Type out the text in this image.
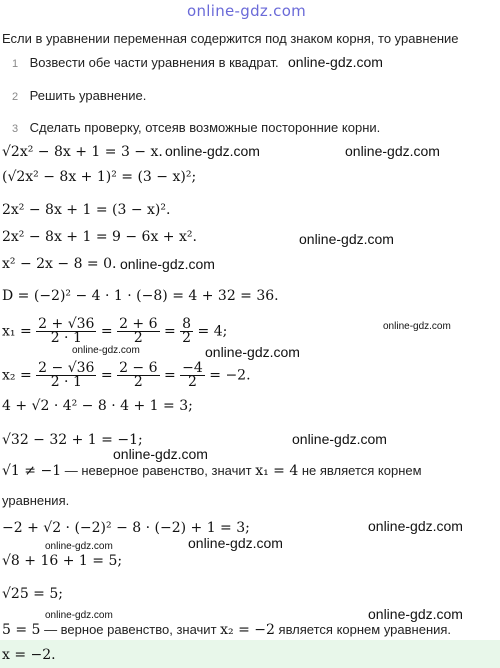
online-gdz.com
Если в уравнении переменная содержится под знаком корня, то уравнение
1 Возвести обе части уравнения в квадрат.
2 Решить уравнение.
3 Сделать проверку, отсеяв возможные посторонние корни.
√2x² − 8x + 1 = 3 − x.
(√2x² − 8x + 1)² = (3 − x)²;
2x² − 8x + 1 = (3 − x)².
2x² − 8x + 1 = 9 − 6x + x².
x² − 2x − 8 = 0.
D = (−2)² − 4 · 1 · (−8) = 4 + 32 = 36.
$x_1 = \frac{2 + √36}{2 \cdot 1} = \frac{2 + 6}{2} = \frac{8}{2} = 4$;
$x_2 = \frac{2 - √36}{2 \cdot 1} = \frac{2 - 6}{2} = \frac{-4}{2} = -2$.
4 + √2 · 4² − 8 · 4 + 1 = 3;
√32 − 32 + 1 = −1;
√1 ≠ −1 — неверное равенство, значит x₁ = 4 не является корнем
уравнения.
−2 + √2 · (−2)² − 8 · (−2) + 1 = 3;
√8 + 16 + 1 = 5;
√25 = 5;
5 = 5 — верное равенство, значит x₂ = −2 является корнем уравнения.
x = −2.
online-gdz.com
online-gdz.com	online-gdz.com
online-gdz.com
online-gdz.com
online-gdz.com
online-gdz.com	online-gdz.com
online-gdz.com
online-gdz.com
online-gdz.com
online-gdz.com	online-gdz.com
online-gdz.com	online-gdz.com
